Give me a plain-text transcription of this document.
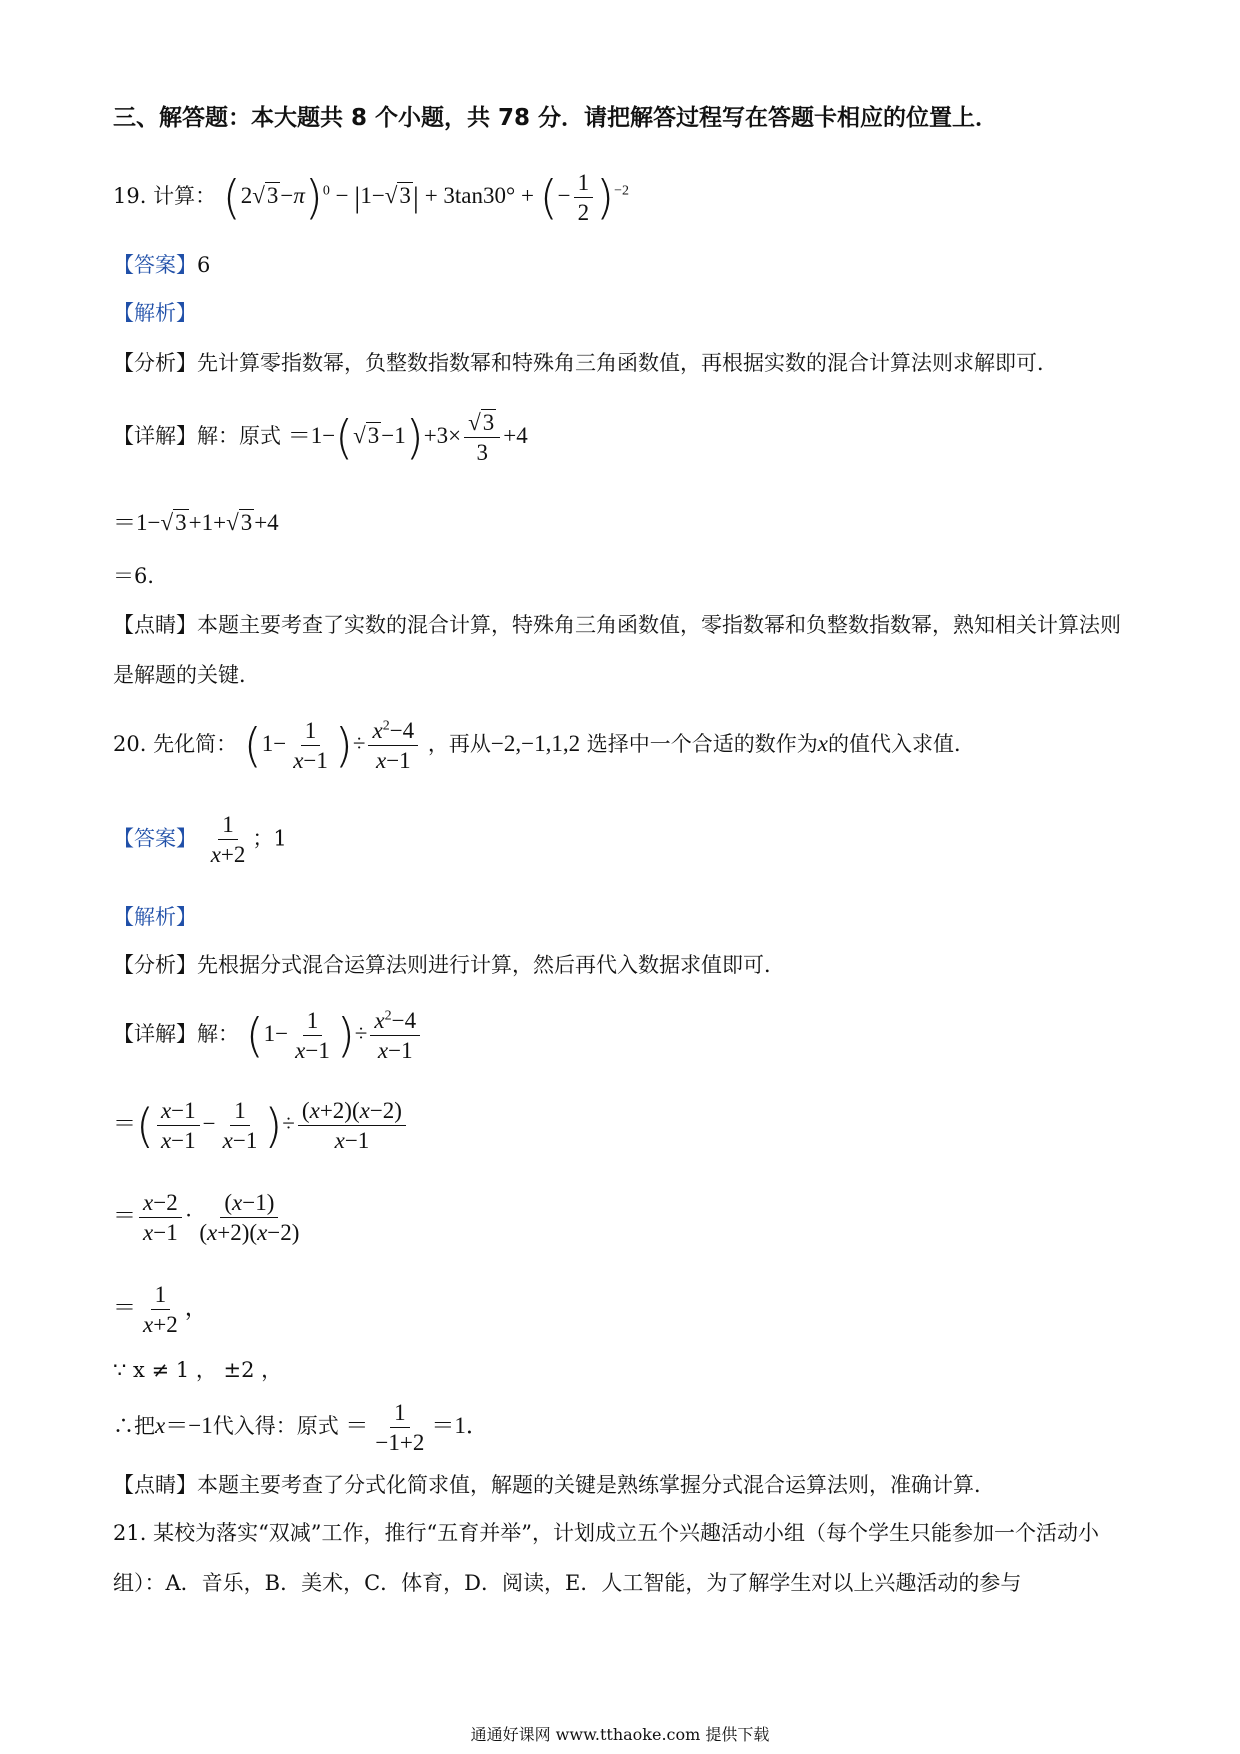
三、解答题：本大题共 8 个小题，共 78 分．请把解答过程写在答题卡相应的位置上．
19. 计算： $(2√3-\pi)^0 - |1-√3| + 3\tan 30^\circ$ + (− $\frac{1}{2} )^{-2}$
【答案】6
【解析】
【分析】先计算零指数幂，负整数指数幂和特殊角三角函数值，再根据实数的混合计算法则求解即可．
【详解】解：原式 $=1-(√3-1)+3\times \frac{√3}{3} +4$
＝1−√3+1+√3+4
＝6．
【点睛】本题主要考查了实数的混合计算，特殊角三角函数值，零指数幂和负整数指数幂，熟知相关计算法则是解题的关键．
20. 先化简： ($1- \frac{1}{x-1}$ )÷ $\frac{x^2-4}{x-1}$ ，再从−2,−1,1,2 选择中一个合适的数作为x的值代入求值．
【答案】 $\frac{1}{x+2}$ ；1
【解析】
【分析】先根据分式混合运算法则进行计算，然后再代入数据求值即可．
【详解】解： ($1- \frac{1}{x-1}$ )÷ $\frac{x^2-4}{x-1}$
＝( $\frac{x-1}{x-1} - \frac{1}{x-1}$ )÷ $\frac{(x+2)(x-2)}{x-1}$
＝ $\frac{x-2}{x-1} \cdot \frac{(x-1)}{(x+2)(x-2)}$
＝ $\frac{1}{x+2}$ ，
∵ x ≠ 1 ， ±2 ，
∴把x＝−1代入得：原式 ＝ $\frac{1}{-1+2} =1$．
【点睛】本题主要考查了分式化简求值，解题的关键是熟练掌握分式混合运算法则，准确计算．
21. 某校为落实“双减”工作，推行“五育并举”，计划成立五个兴趣活动小组（每个学生只能参加一个活动小组）：A．音乐，B．美术，C．体育，D．阅读，E．人工智能，为了解学生对以上兴趣活动的参与
通通好课网 www.tthaoke.com 提供下载
